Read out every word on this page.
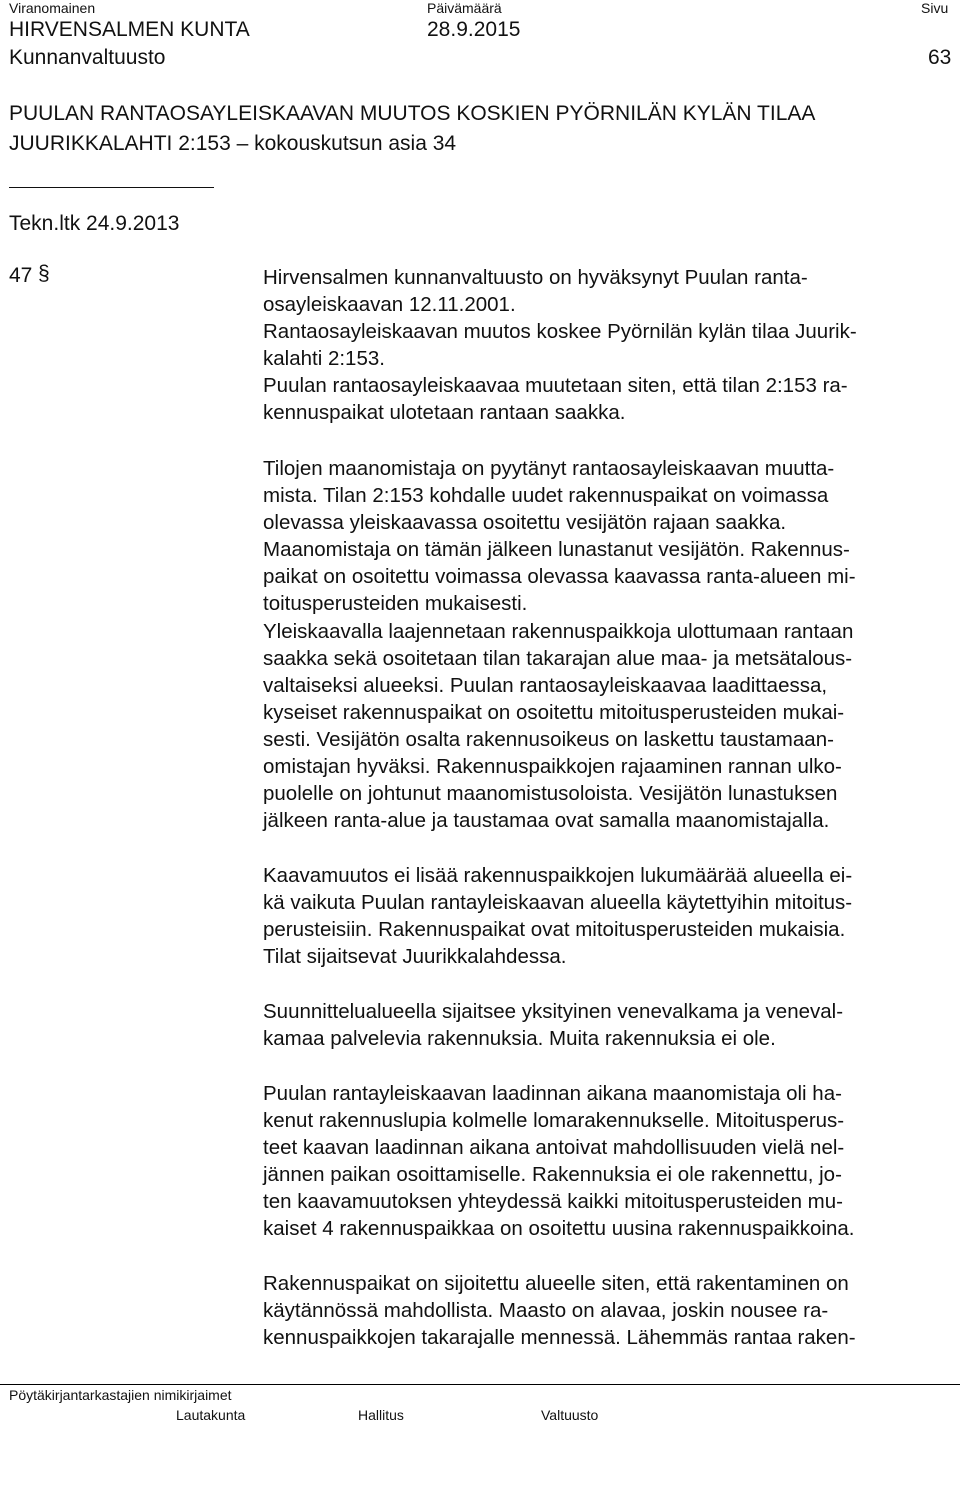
Viranomainen	Päivämäärä	Sivu
HIRVENSALMEN KUNTA	28.9.2015
Kunnanvaltuusto	63
PUULAN RANTAOSAYLEISKAAVAN MUUTOS KOSKIEN PYÖRNILÄN KYLÄN TILAA
JUURIKKALAHTI 2:153 – kokouskutsun asia 34
Tekn.ltk 24.9.2013
47 §	Hirvensalmen kunnanvaltuusto on hyväksynyt Puulan ranta-
osayleiskaavan 12.11.2001.
Rantaosayleiskaavan muutos koskee Pyörnilän kylän tilaa Juurik-
kalahti 2:153.
Puulan rantaosayleiskaavaa muutetaan siten, että tilan 2:153 ra-
kennuspaikat ulotetaan rantaan saakka.
Tilojen maanomistaja on pyytänyt rantaosayleiskaavan muutta-
mista. Tilan 2:153 kohdalle uudet rakennuspaikat on voimassa
olevassa yleiskaavassa osoitettu vesijätön rajaan saakka.
Maanomistaja on tämän jälkeen lunastanut vesijätön. Rakennus-
paikat on osoitettu voimassa olevassa kaavassa ranta-alueen mi-
toitusperusteiden mukaisesti.
Yleiskaavalla laajennetaan rakennuspaikkoja ulottumaan rantaan
saakka sekä osoitetaan tilan takarajan alue maa- ja metsätalous-
valtaiseksi alueeksi. Puulan rantaosayleiskaavaa laadittaessa,
kyseiset rakennuspaikat on osoitettu mitoitusperusteiden mukai-
sesti. Vesijätön osalta rakennusoikeus on laskettu taustamaan-
omistajan hyväksi. Rakennuspaikkojen rajaaminen rannan ulko-
puolelle on johtunut maanomistusoloista. Vesijätön lunastuksen
jälkeen ranta-alue ja taustamaa ovat samalla maanomistajalla.
Kaavamuutos ei lisää rakennuspaikkojen lukumäärää alueella ei-
kä vaikuta Puulan rantayleiskaavan alueella käytettyihin mitoitus-
perusteisiin. Rakennuspaikat ovat mitoitusperusteiden mukaisia.
Tilat sijaitsevat Juurikkalahdessa.
Suunnittelualueella sijaitsee yksityinen venevalkama ja veneval-
kamaa palvelevia rakennuksia. Muita rakennuksia ei ole.
Puulan rantayleiskaavan laadinnan aikana maanomistaja oli ha-
kenut rakennuslupia kolmelle lomarakennukselle. Mitoitusperus-
teet kaavan laadinnan aikana antoivat mahdollisuuden vielä nel-
jännen paikan osoittamiselle. Rakennuksia ei ole rakennettu, jo-
ten kaavamuutoksen yhteydessä kaikki mitoitusperusteiden mu-
kaiset 4 rakennuspaikkaa on osoitettu uusina rakennuspaikkoina.
Rakennuspaikat on sijoitettu alueelle siten, että rakentaminen on
käytännössä mahdollista. Maasto on alavaa, joskin nousee ra-
kennuspaikkojen takarajalle mennessä. Lähemmäs rantaa raken-
Pöytäkirjantarkastajien nimikirjaimet
Lautakunta	Hallitus	Valtuusto
